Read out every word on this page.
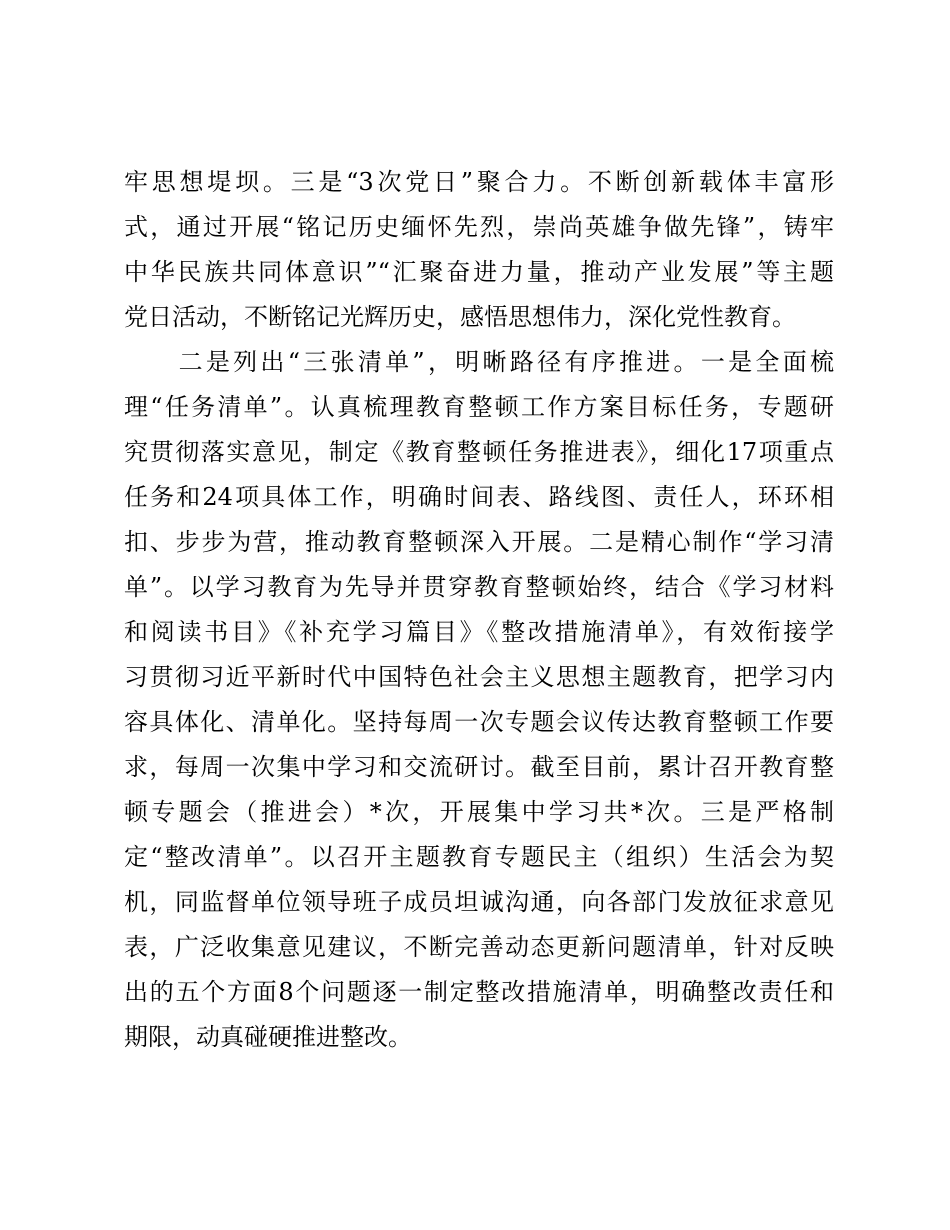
牢思想堤坝。三是“3次党日”聚合力。不断创新载体丰富形
式，通过开展“铭记历史缅怀先烈，崇尚英雄争做先锋”，铸牢
中华民族共同体意识”“汇聚奋进力量，推动产业发展”等主题
党日活动，不断铭记光辉历史，感悟思想伟力，深化党性教育。
　　二是列出“三张清单”，明晰路径有序推进。一是全面梳
理“任务清单”。认真梳理教育整顿工作方案目标任务，专题研
究贯彻落实意见，制定《教育整顿任务推进表》，细化17项重点
任务和24项具体工作，明确时间表、路线图、责任人，环环相
扣、步步为营，推动教育整顿深入开展。二是精心制作“学习清
单”。以学习教育为先导并贯穿教育整顿始终，结合《学习材料
和阅读书目》《补充学习篇目》《整改措施清单》，有效衔接学
习贯彻习近平新时代中国特色社会主义思想主题教育，把学习内
容具体化、清单化。坚持每周一次专题会议传达教育整顿工作要
求，每周一次集中学习和交流研讨。截至目前，累计召开教育整
顿专题会（推进会）*次，开展集中学习共*次。三是严格制
定“整改清单”。以召开主题教育专题民主（组织）生活会为契
机，同监督单位领导班子成员坦诚沟通，向各部门发放征求意见
表，广泛收集意见建议，不断完善动态更新问题清单，针对反映
出的五个方面8个问题逐一制定整改措施清单，明确整改责任和
期限，动真碰硬推进整改。
